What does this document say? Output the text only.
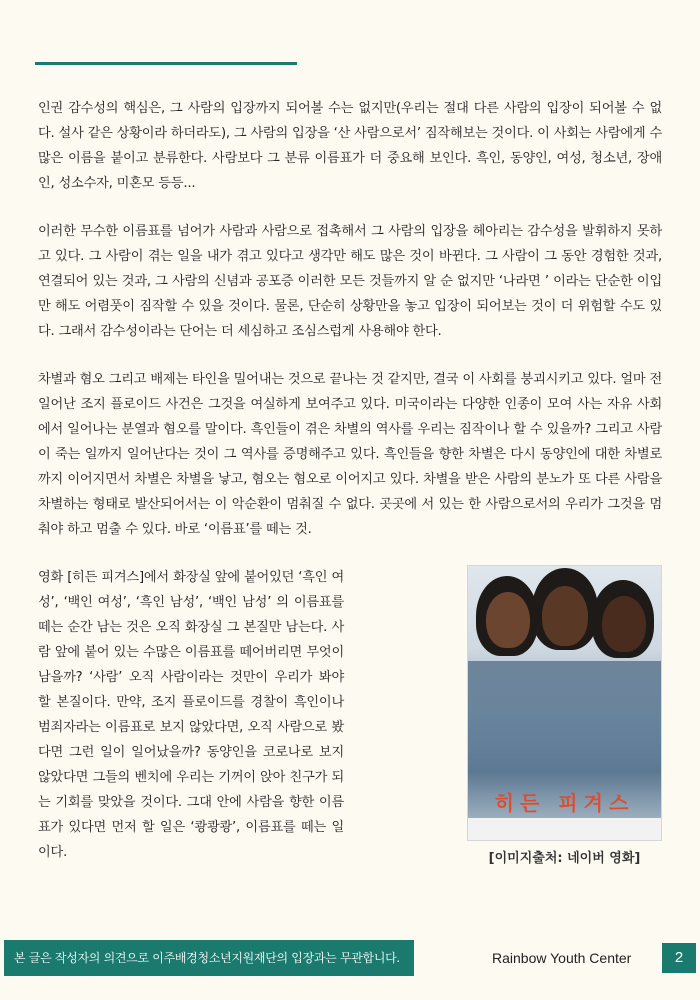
인권 감수성의 핵심은, 그 사람의 입장까지 되어볼 수는 없지만(우리는 절대 다른 사람의 입장이 되어볼 수 없다. 설사 같은 상황이라 하더라도), 그 사람의 입장을 ‘산 사람으로서’ 짐작해보는 것이다. 이 사회는 사람에게 수 많은 이름을 붙이고 분류한다. 사람보다 그 분류 이름표가 더 중요해 보인다. 흑인, 동양인, 여성, 청소년, 장애인, 성소수자, 미혼모 등등...

이러한 무수한 이름표를 넘어가 사람과 사람으로 접촉해서 그 사람의 입장을 헤아리는 감수성을 발휘하지 못하고 있다. 그 사람이 겪는 일을 내가 겪고 있다고 생각만 해도 많은 것이 바뀐다. 그 사람이 그 동안 경험한 것과, 연결되어 있는 것과, 그 사람의 신념과 공포증 이러한 모든 것들까지 알 순 없지만 ‘나라면 ’ 이라는 단순한 이입만 해도 어렴풋이 짐작할 수 있을 것이다. 물론, 단순히 상황만을 놓고 입장이 되어보는 것이 더 위험할 수도 있다. 그래서 감수성이라는 단어는 더 세심하고 조심스럽게 사용해야 한다.

차별과 혐오 그리고 배제는 타인을 밀어내는 것으로 끝나는 것 같지만, 결국 이 사회를 붕괴시키고 있다. 얼마 전 일어난 조지 플로이드 사건은 그것을 여실하게 보여주고 있다. 미국이라는 다양한 인종이 모여 사는 자유 사회에서 일어나는 분열과 혐오를 말이다. 흑인들이 겪은 차별의 역사를 우리는 짐작이나 할 수 있을까? 그리고 사람이 죽는 일까지 일어난다는 것이 그 역사를 증명해주고 있다. 흑인들을 향한 차별은 다시 동양인에 대한 차별로까지 이어지면서 차별은 차별을 낳고, 혐오는 혐오로 이어지고 있다. 차별을 받은 사람의 분노가 또 다른 사람을 차별하는 형태로 발산되어서는 이 악순환이 멈춰질 수 없다. 곳곳에 서 있는 한 사람으로서의 우리가 그것을 멈춰야 하고 멈출 수 있다. 바로 ‘이름표’를 떼는 것.

영화 [히든 피겨스]에서 화장실 앞에 붙어있던 ‘흑인 여성’, ‘백인 여성’, ‘흑인 남성’, ‘백인 남성’ 의 이름표를 떼는 순간 남는 것은 오직 화장실 그 본질만 남는다. 사람 앞에 붙어 있는 수많은 이름표를 떼어버리면 무엇이 남을까? ‘사람’ 오직 사람이라는 것만이 우리가 봐야 할 본질이다. 만약, 조지 플로이드를 경찰이 흑인이나 범죄자라는 이름표로 보지 않았다면, 오직 사람으로 봤다면 그런 일이 일어났을까? 동양인을 코로나로 보지 않았다면 그들의 벤치에 우리는 기꺼이 앉아 친구가 되는 기회를 맞았을 것이다. 그대 안에 사람을 향한 이름표가 있다면 먼저 할 일은 ‘쾅쾅쾅’, 이름표를 떼는 일이다.

히든 피겨스
[이미지출처: 네이버 영화]
본 글은 작성자의 의견으로 이주배경청소년지원재단의 입장과는 무관합니다.	Rainbow Youth Center	2
